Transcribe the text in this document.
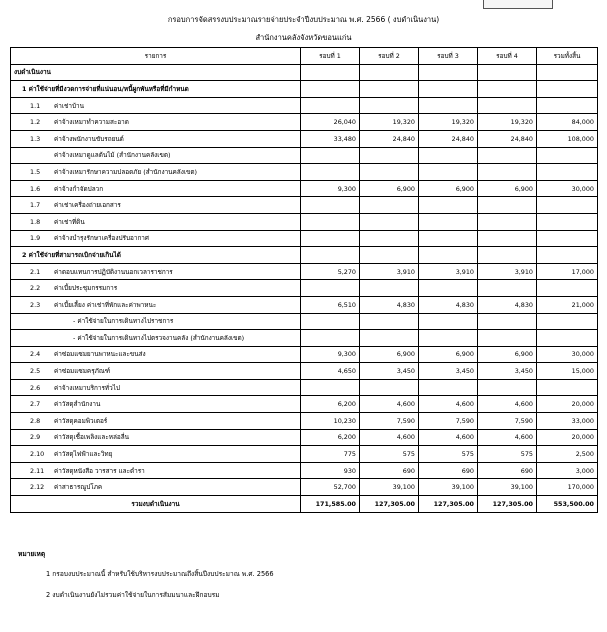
กรอบการจัดสรรงบประมาณรายจ่ายประจำปีงบประมาณ พ.ศ. 2566 ( งบดำเนินงาน)
สำนักงานคลังจังหวัดขอนแก่น
รายการ	รอบที่ 1	รอบที่ 2	รอบที่ 3	รอบที่ 4	รวมทั้งสิ้น
งบดำเนินงาน					
1 ค่าใช้จ่ายที่มีงวดการจ่ายที่แน่นอน/หนี้ผูกพันหรือที่มีกำหนด					
1.1 ค่าเช่าบ้าน					
1.2 ค่าจ้างเหมาทำความสะอาด	26,040	19,320	19,320	19,320	84,000
1.3 ค่าจ้างพนักงานขับรถยนต์	33,480	24,840	24,840	24,840	108,000
ค่าจ้างเหมาดูแลต้นไม้ (สำนักงานคลังเขต)					
1.5 ค่าจ้างเหมารักษาความปลอดภัย (สำนักงานคลังเขต)					
1.6 ค่าจ้างกำจัดปลวก	9,300	6,900	6,900	6,900	30,000
1.7 ค่าเช่าเครื่องถ่ายเอกสาร					
1.8 ค่าเช่าที่ดิน					
1.9 ค่าจ้างบำรุงรักษาเครื่องปรับอากาศ					
2 ค่าใช้จ่ายที่สามารถเบิกจ่ายเกินได้					
2.1 ค่าตอบแทนการปฏิบัติงานนอกเวลาราชการ	5,270	3,910	3,910	3,910	17,000
2.2 ค่าเบี้ยประชุมกรรมการ					
2.3 ค่าเบี้ยเลี้ยง ค่าเช่าที่พักและค่าพาหนะ	6,510	4,830	4,830	4,830	21,000
- ค่าใช้จ่ายในการเดินทางไปราชการ					
- ค่าใช้จ่ายในการเดินทางไปตรวจงานคลัง (สำนักงานคลังเขต)					
2.4 ค่าซ่อมแซมยานพาหนะและขนส่ง	9,300	6,900	6,900	6,900	30,000
2.5 ค่าซ่อมแซมครุภัณฑ์	4,650	3,450	3,450	3,450	15,000
2.6 ค่าจ้างเหมาบริการทั่วไป					
2.7 ค่าวัสดุสำนักงาน	6,200	4,600	4,600	4,600	20,000
2.8 ค่าวัสดุคอมพิวเตอร์	10,230	7,590	7,590	7,590	33,000
2.9 ค่าวัสดุเชื้อเพลิงและหล่อลื่น	6,200	4,600	4,600	4,600	20,000
2.10 ค่าวัสดุไฟฟ้าและวิทยุ	775	575	575	575	2,500
2.11 ค่าวัสดุหนังสือ วารสาร และตำรา	930	690	690	690	3,000
2.12 ค่าสาธารณูปโภค	52,700	39,100	39,100	39,100	170,000
รวมงบดำเนินงาน	171,585.00	127,305.00	127,305.00	127,305.00	553,500.00
หมายเหตุ
1 กรอบงบประมาณนี้ สำหรับใช้บริหารงบประมาณถึงสิ้นปีงบประมาณ พ.ศ. 2566
2 งบดำเนินงานยังไม่รวมค่าใช้จ่ายในการสัมมนาและฝึกอบรม
